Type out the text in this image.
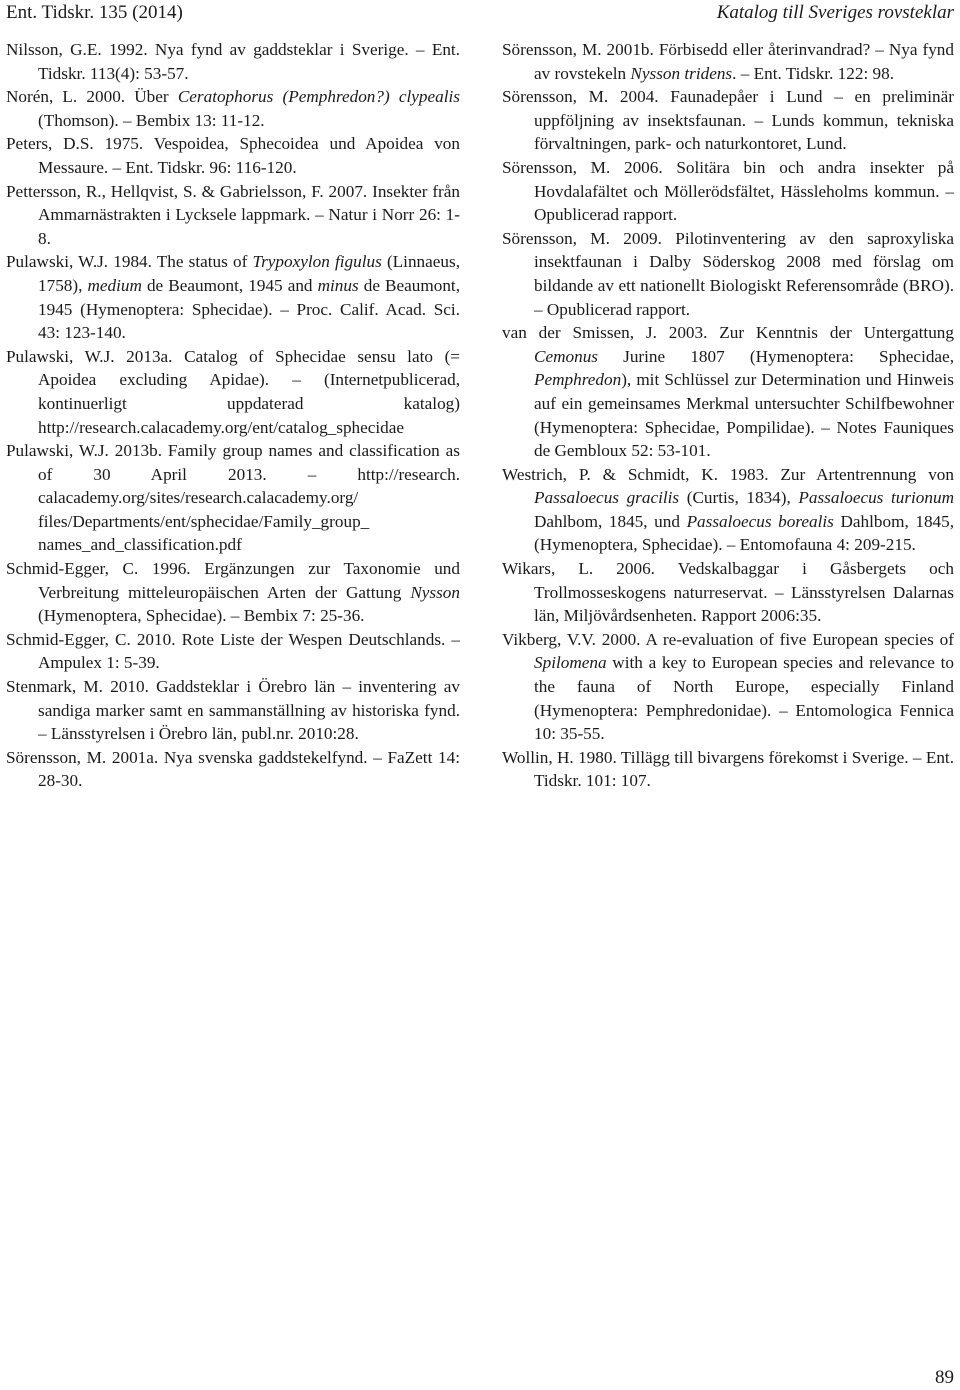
Ent. Tidskr. 135 (2014)	Katalog till Sveriges rovsteklar

Nilsson, G.E. 1992. Nya fynd av gaddsteklar i Sverige. – Ent. Tidskr. 113(4): 53-57.

Norén, L. 2000. Über Ceratophorus (Pemphredon?) clypealis (Thomson). – Bembix 13: 11-12.

Peters, D.S. 1975. Vespoidea, Sphecoidea und Apoidea von Messaure. – Ent. Tidskr. 96: 116-120.

Pettersson, R., Hellqvist, S. & Gabrielsson, F. 2007. Insekter från Ammarnästrakten i Lycksele lappmark. – Natur i Norr 26: 1-8.

Pulawski, W.J. 1984. The status of Trypoxylon figulus (Linnaeus, 1758), medium de Beaumont, 1945 and minus de Beaumont, 1945 (Hymenoptera: Sphecidae). – Proc. Calif. Acad. Sci. 43: 123-140.

Pulawski, W.J. 2013a. Catalog of Sphecidae sensu lato (= Apoidea excluding Apidae). – (Internetpublicerad, kontinuerligt uppdaterad katalog) http://research.calacademy.org/ent/catalog_sphecidae

Pulawski, W.J. 2013b. Family group names and classification as of 30 April 2013. – http://research. calacademy.org/sites/research.calacademy.org/ files/Departments/ent/sphecidae/Family_group_ names_and_classification.pdf

Schmid-Egger, C. 1996. Ergänzungen zur Taxonomie und Verbreitung mitteleuropäischen Arten der Gattung Nysson (Hymenoptera, Sphecidae). – Bembix 7: 25-36.

Schmid-Egger, C. 2010. Rote Liste der Wespen Deutschlands. – Ampulex 1: 5-39.

Stenmark, M. 2010. Gaddsteklar i Örebro län – inventering av sandiga marker samt en sammanställning av historiska fynd. – Länsstyrelsen i Örebro län, publ.nr. 2010:28.

Sörensson, M. 2001a. Nya svenska gaddstekelfynd. – FaZett 14: 28-30.

Sörensson, M. 2001b. Förbisedd eller återinvandrad? – Nya fynd av rovstekeln Nysson tridens. – Ent. Tidskr. 122: 98.

Sörensson, M. 2004. Faunadepåer i Lund – en preliminär uppföljning av insektsfaunan. – Lunds kommun, tekniska förvaltningen, park- och naturkontoret, Lund.

Sörensson, M. 2006. Solitära bin och andra insekter på Hovdalafältet och Möllerödsfältet, Hässleholms kommun. – Opublicerad rapport.

Sörensson, M. 2009. Pilotinventering av den saproxyliska insektfaunan i Dalby Söderskog 2008 med förslag om bildande av ett nationellt Biologiskt Referensområde (BRO). – Opublicerad rapport.

van der Smissen, J. 2003. Zur Kenntnis der Untergattung Cemonus Jurine 1807 (Hymenoptera: Sphecidae, Pemphredon), mit Schlüssel zur Determination und Hinweis auf ein gemeinsames Merkmal untersuchter Schilfbewohner (Hymenoptera: Sphecidae, Pompilidae). – Notes Fauniques de Gembloux 52: 53-101.

Westrich, P. & Schmidt, K. 1983. Zur Artentrennung von Passaloecus gracilis (Curtis, 1834), Passaloecus turionum Dahlbom, 1845, und Passaloecus borealis Dahlbom, 1845, (Hymenoptera, Sphecidae). – Entomofauna 4: 209-215.

Wikars, L. 2006. Vedskalbaggar i Gåsbergets och Trollmosseskogens naturreservat. – Länsstyrelsen Dalarnas län, Miljövårdsenheten. Rapport 2006:35.

Vikberg, V.V. 2000. A re-evaluation of five European species of Spilomena with a key to European species and relevance to the fauna of North Europe, especially Finland (Hymenoptera: Pemphredonidae). – Entomologica Fennica 10: 35-55.

Wollin, H. 1980. Tillägg till bivargens förekomst i Sverige. – Ent. Tidskr. 101: 107.

89
